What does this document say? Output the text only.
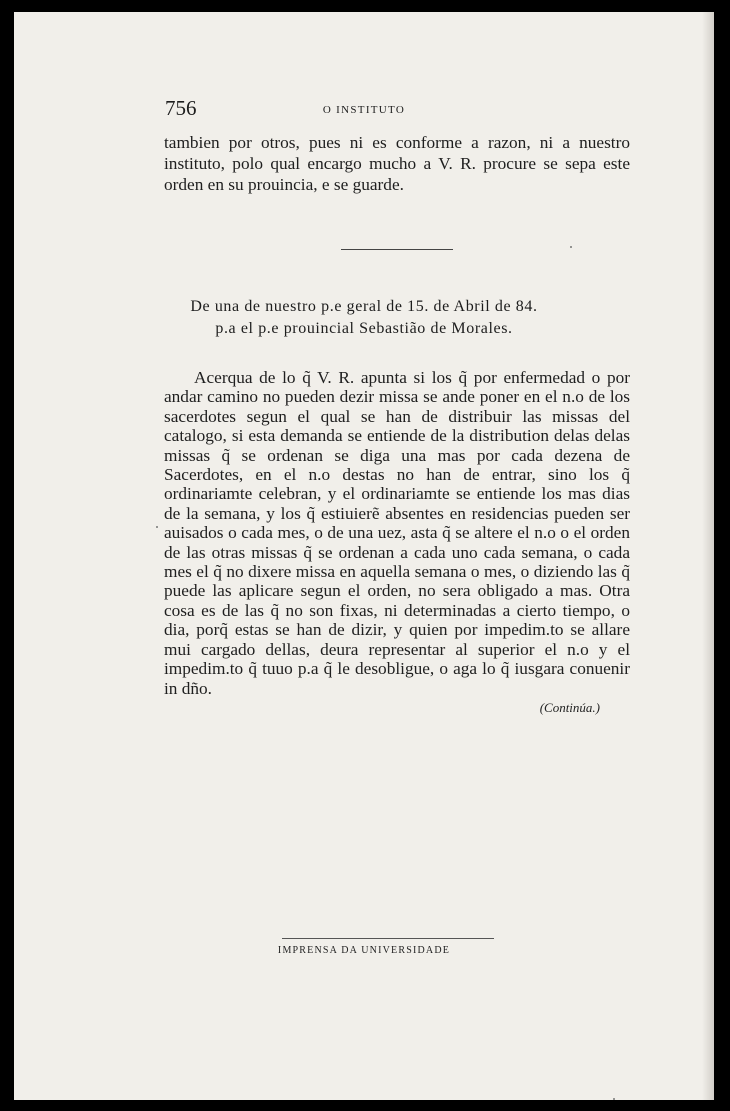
756	O INSTITUTO

tambien por otros, pues ni es conforme a razon, ni a nuestro instituto, polo qual encargo mucho a V. R. procure se sepa este orden en su prouincia, e se guarde.

De una de nuestro p.e geral de 15. de Abril de 84.
p.a el p.e prouincial Sebastião de Morales.

Acerqua de lo q̃ V. R. apunta si los q̃ por enfermedad o por andar camino no pueden dezir missa se ande poner en el n.o de los sacerdotes segun el qual se han de distribuir las missas del catalogo, si esta demanda se entiende de la distribution delas delas missas q̃ se ordenan se diga una mas por cada dezena de Sacerdotes, en el n.o destas no han de entrar, sino los q̃ ordinariamte celebran, y el ordinariamte se entiende los mas dias de la semana, y los q̃ estiuierẽ absentes en residencias pueden ser auisados o cada mes, o de una uez, asta q̃ se altere el n.o o el orden de las otras missas q̃ se ordenan a cada uno cada semana, o cada mes el q̃ no dixere missa en aquella semana o mes, o diziendo las q̃ puede las aplicare segun el orden, no sera obligado a mas. Otra cosa es de las q̃ no son fixas, ni determinadas a cierto tiempo, o dia, porq̃ estas se han de dizir, y quien por impedim.to se allare mui cargado dellas, deura representar al superior el n.o y el impedim.to q̃ tuuo p.a q̃ le desobligue, o aga lo q̃ iusgara conuenir in dño.

(Continúa.)
IMPRENSA DA UNIVERSIDADE
